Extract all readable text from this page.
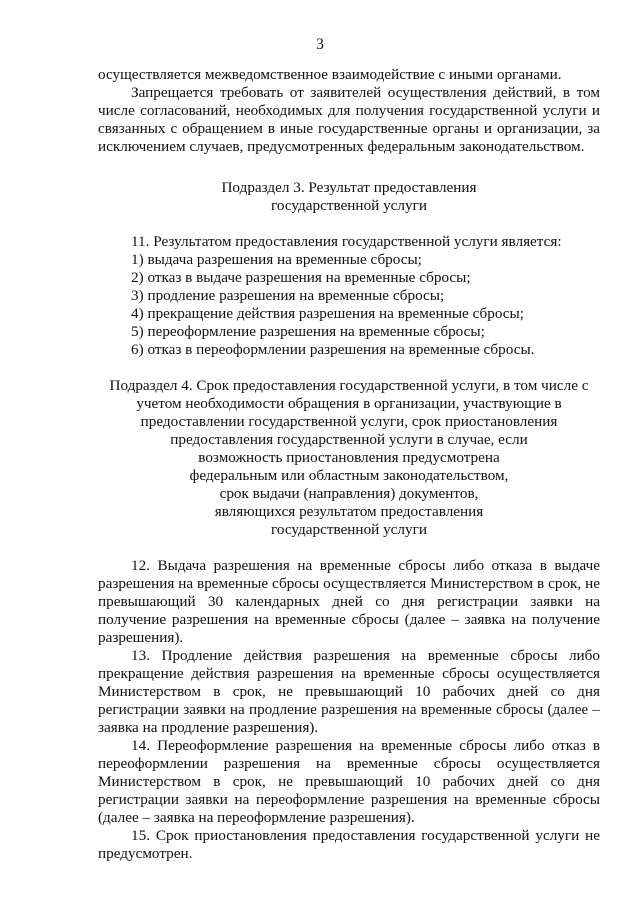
3

осуществляется межведомственное взаимодействие с иными органами.

Запрещается требовать от заявителей осуществления действий, в том числе согласований, необходимых для получения государственной услуги и связанных с обращением в иные государственные органы и организации, за исключением случаев, предусмотренных федеральным законодательством.

Подраздел 3. Результат предоставления
государственной услуги
11. Результатом предоставления государственной услуги является:
1) выдача разрешения на временные сбросы;
2) отказ в выдаче разрешения на временные сбросы;
3) продление разрешения на временные сбросы;
4) прекращение действия разрешения на временные сбросы;
5) переоформление разрешения на временные сбросы;
6) отказ в переоформлении разрешения на временные сбросы.
Подраздел 4. Срок предоставления государственной услуги, в том числе с
учетом необходимости обращения в организации, участвующие в
предоставлении государственной услуги, срок приостановления
предоставления государственной услуги в случае, если
возможность приостановления предусмотрена
федеральным или областным законодательством,
срок выдачи (направления) документов,
являющихся результатом предоставления
государственной услуги

12. Выдача разрешения на временные сбросы либо отказа в выдаче разрешения на временные сбросы осуществляется Министерством в срок, не превышающий 30 календарных дней со дня регистрации заявки на получение разрешения на временные сбросы (далее – заявка на получение разрешения).

13. Продление действия разрешения на временные сбросы либо прекращение действия разрешения на временные сбросы осуществляется Министерством в срок, не превышающий 10 рабочих дней со дня регистрации заявки на продление разрешения на временные сбросы (далее – заявка на продление разрешения).

14. Переоформление разрешения на временные сбросы либо отказ в переоформлении разрешения на временные сбросы осуществляется Министерством в срок, не превышающий 10 рабочих дней со дня регистрации заявки на переоформление разрешения на временные сбросы (далее – заявка на переоформление разрешения).

15. Срок приостановления предоставления государственной услуги не предусмотрен.
